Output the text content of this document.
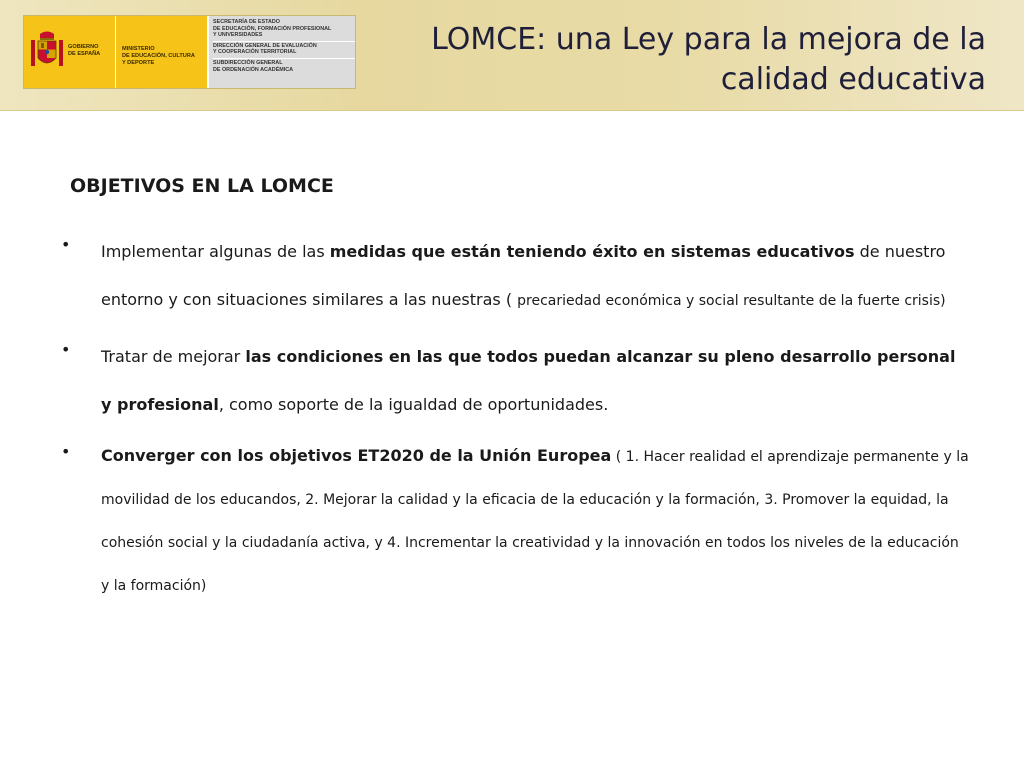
GOBIERNO
DE ESPAÑA
MINISTERIO
DE EDUCACIÓN, CULTURA
Y DEPORTE
SECRETARÍA DE ESTADO
DE EDUCACIÓN, FORMACIÓN PROFESIONAL
Y UNIVERSIDADES
DIRECCIÓN GENERAL DE EVALUACIÓN
Y COOPERACIÓN TERRITORIAL
SUBDIRECCIÓN GENERAL
DE ORDENACIÓN ACADÉMICA
LOMCE: una Ley para la mejora de la
calidad educativa
OBJETIVOS EN LA LOMCE
• Implementar algunas de las medidas que están teniendo éxito en sistemas educativos de nuestro entorno y con situaciones similares a las nuestras ( precariedad económica y social resultante de la fuerte crisis)
• Tratar de mejorar las condiciones en las que todos puedan alcanzar su pleno desarrollo personal y profesional, como soporte de la igualdad de oportunidades.
• Converger con los objetivos ET2020 de la Unión Europea ( 1. Hacer realidad el aprendizaje permanente y la movilidad de los educandos, 2. Mejorar la calidad y la eficacia de la educación y la formación, 3. Promover la equidad, la cohesión social y la ciudadanía activa, y 4. Incrementar la creatividad y la innovación en todos los niveles de la educación y la formación)
